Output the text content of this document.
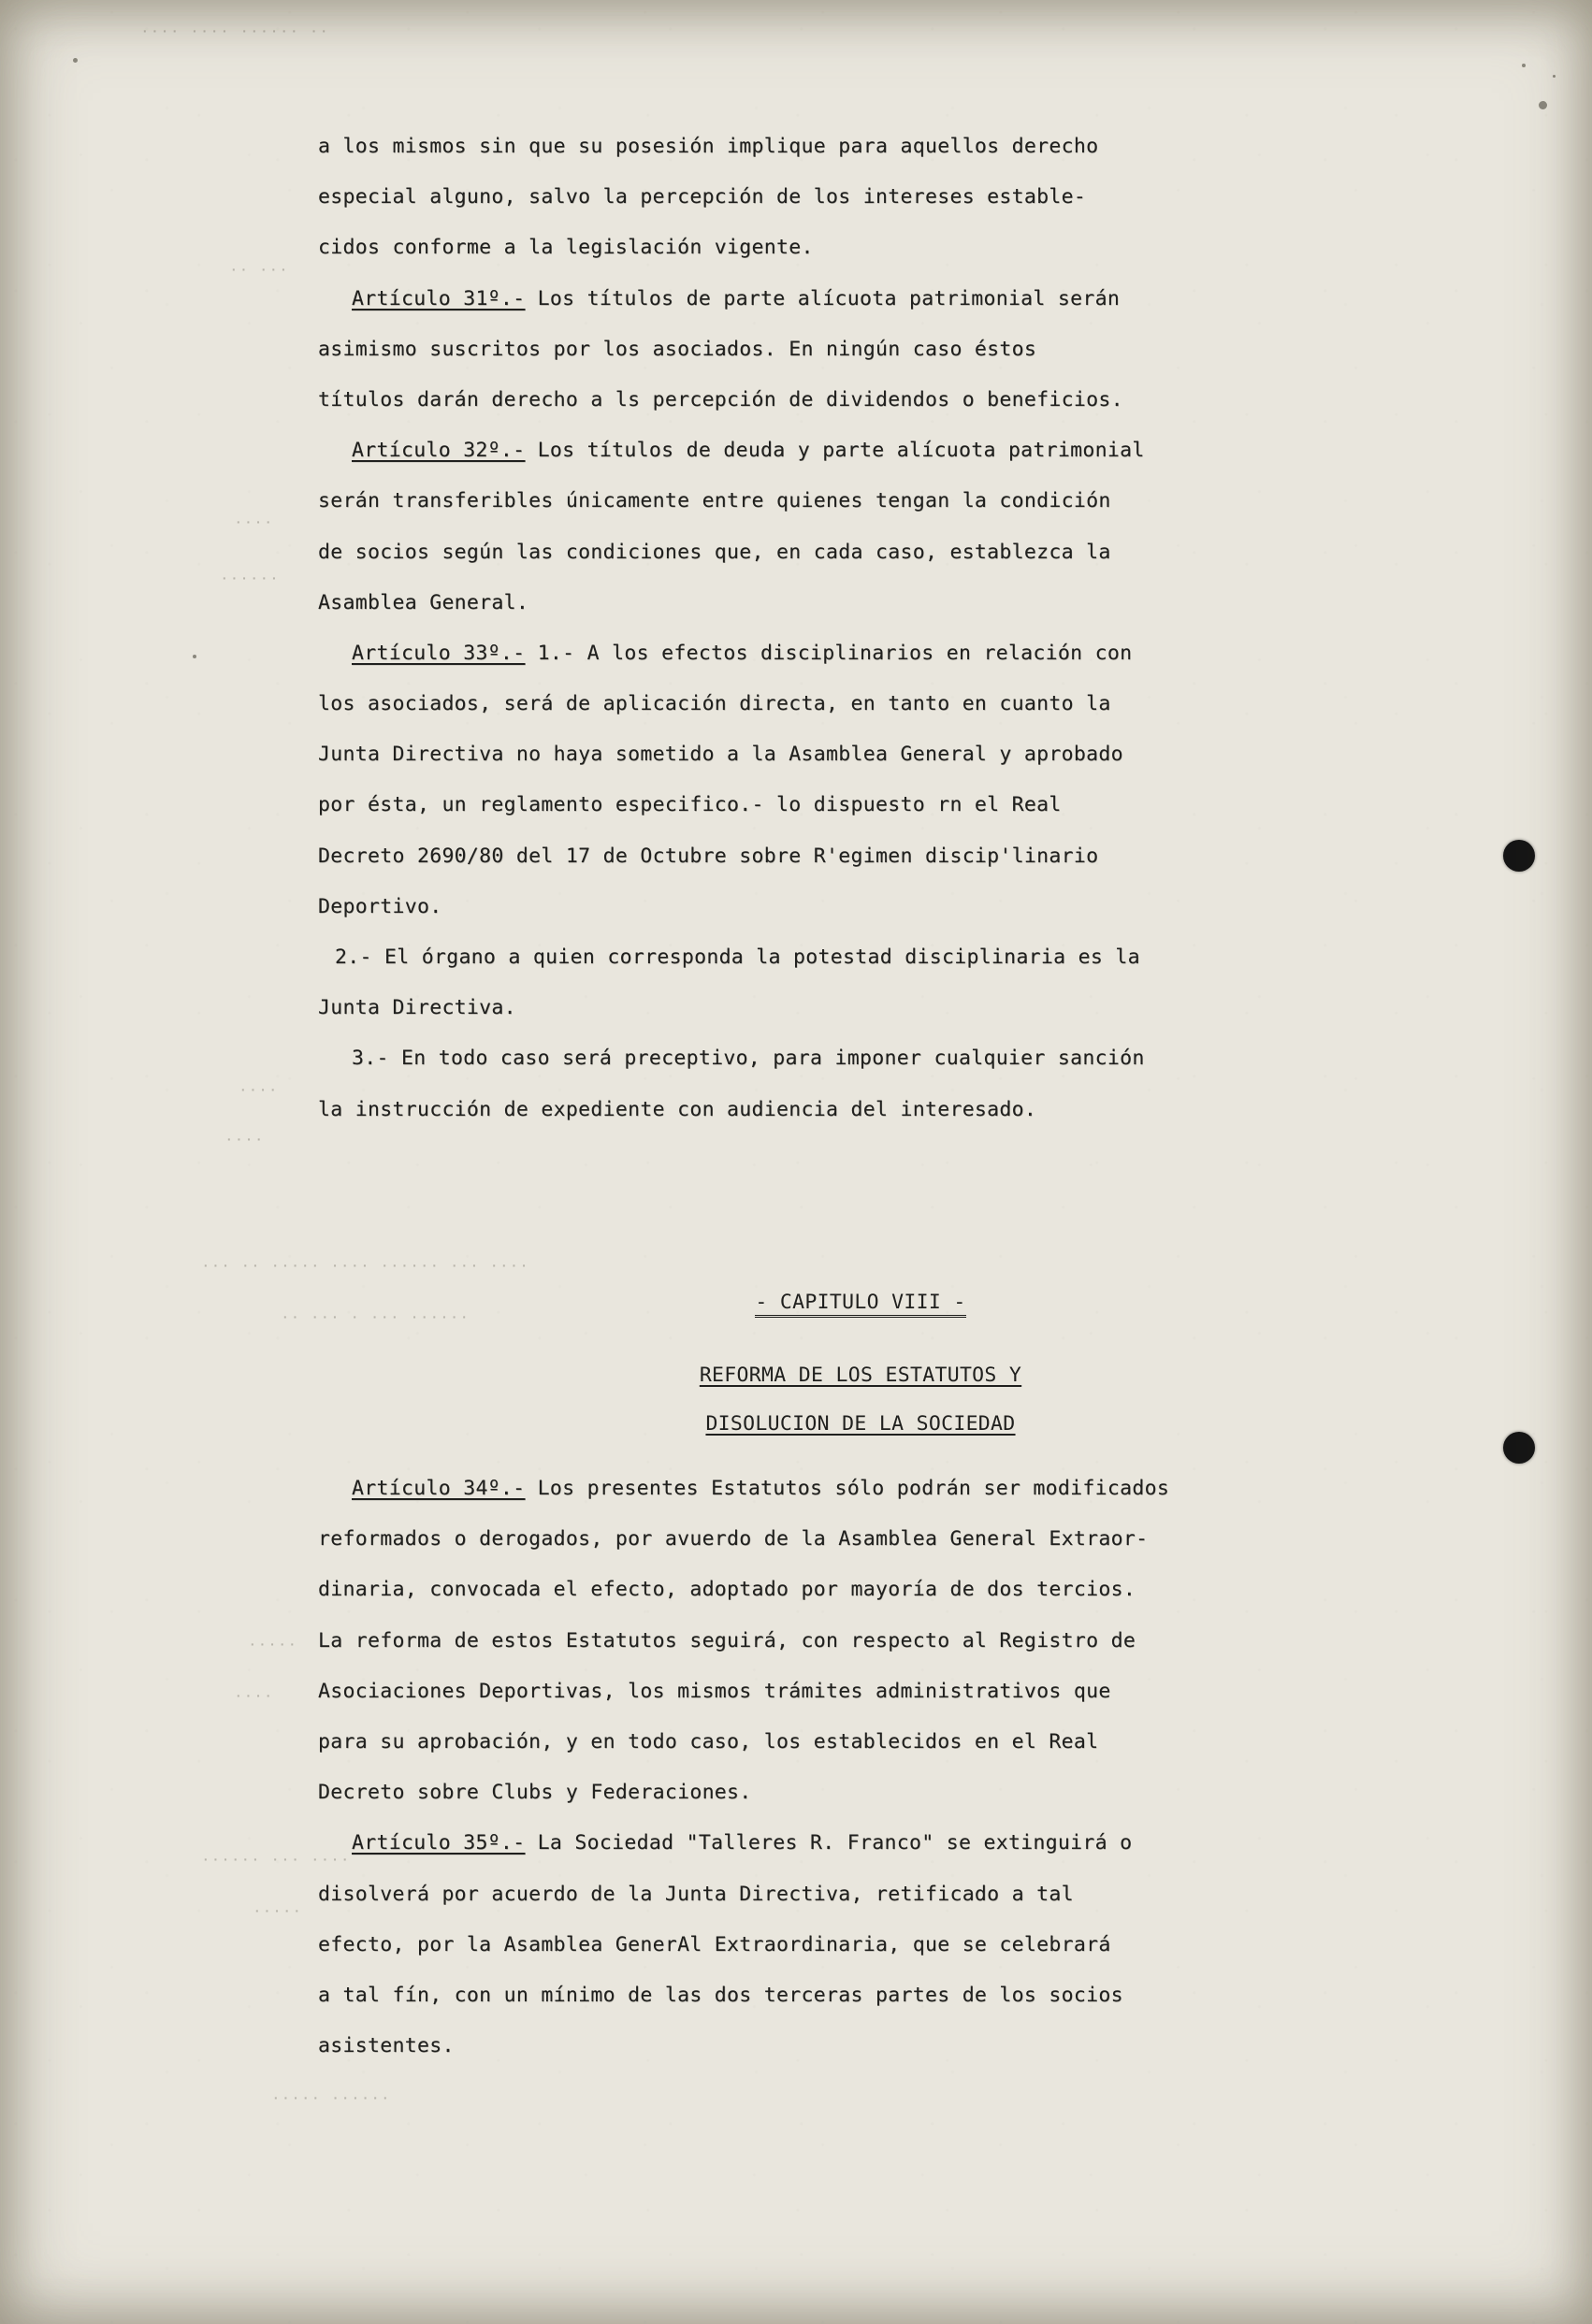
.... .... ...... ..
.. ...
....
......
....
....
... .. ..... .... ...... ... ....
.. ... . ... ......
.....
....
...... ... ....
.....
..... ......
a los mismos sin que su posesión implique para aquellos derecho
especial alguno, salvo la percepción de los intereses estable-
cidos conforme a la legislación vigente.
Artículo 31º.- Los títulos de parte alícuota patrimonial serán
asimismo suscritos por los asociados. En ningún caso éstos
títulos darán derecho a ls percepción de dividendos o beneficios.
Artículo 32º.- Los títulos de deuda y parte alícuota patrimonial
serán transferibles únicamente entre quienes tengan la condición
de socios según las condiciones que, en cada caso, establezca la
Asamblea General.
Artículo 33º.- 1.- A los efectos disciplinarios en relación con
los asociados, será de aplicación directa, en tanto en cuanto la
Junta Directiva no haya sometido a la Asamblea General y aprobado
por ésta, un reglamento especifico.- lo dispuesto rn el Real
Decreto 2690/80 del 17 de Octubre sobre R'egimen discip'linario
Deportivo.
2.- El órgano a quien corresponda la potestad disciplinaria es la
Junta Directiva.
3.- En todo caso será preceptivo, para imponer cualquier sanción
la instrucción de expediente con audiencia del interesado.
- CAPITULO VIII -
REFORMA DE LOS ESTATUTOS Y
DISOLUCION DE LA SOCIEDAD
Artículo 34º.- Los presentes Estatutos sólo podrán ser modificados
reformados o derogados, por avuerdo de la Asamblea General Extraor-
dinaria, convocada el efecto, adoptado por mayoría de dos tercios.
La reforma de estos Estatutos seguirá, con respecto al Registro de
Asociaciones Deportivas, los mismos trámites administrativos que
para su aprobación, y en todo caso, los establecidos en el Real
Decreto sobre Clubs y Federaciones.
Artículo 35º.- La Sociedad "Talleres R. Franco" se extinguirá o
disolverá por acuerdo de la Junta Directiva, retificado a tal
efecto, por la Asamblea GenerAl Extraordinaria, que se celebrará
a tal fín, con un mínimo de las dos terceras partes de los socios
asistentes.
